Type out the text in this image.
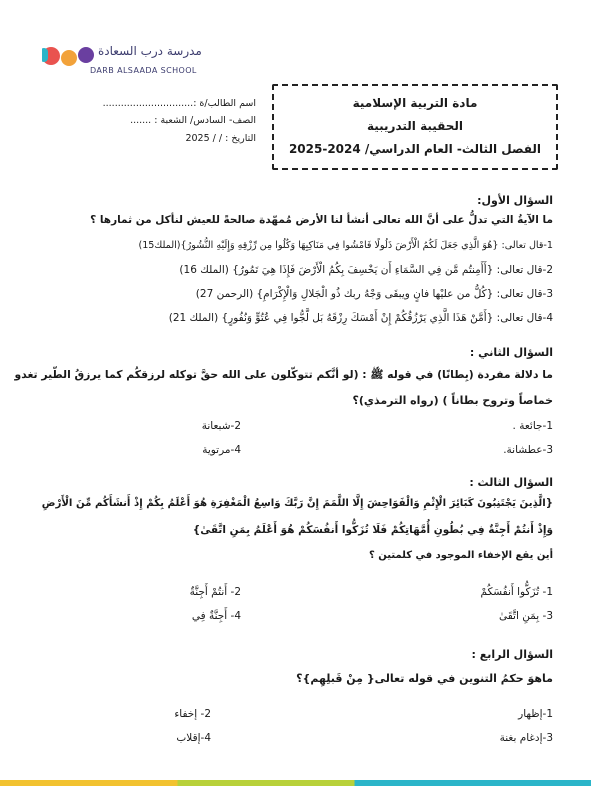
مدرسة درب السعادة
DARB ALSAADA SCHOOL
مادة التربية الإسلامية
الحقيبة التدريبية
الفصل الثالث- العام الدراسي/ 2024-2025
اسم الطالب/ة :..............................
الصف- السادس/ الشعبة : .......
التاريخ : / / 2025
السؤال الأول:
ما الآيةُ التي تدلُّ على أنَّ الله تعالى أنشأ لنا الأرض مُمهّدة صالحةً للعيش لنأكل من ثمارها ؟
1-قال تعالى: {هُوَ الَّذِي جَعَلَ لَكُمُ الْأَرْضَ ذَلُولًا فَامْشُوا فِي مَنَاكِبِهَا وَكُلُوا مِن رِّزْقِهِ وَإِلَيْهِ النُّشُورُ}(الملك15)
2-قال تعالى: {أَأَمِنتُم مَّن فِي السَّمَاءِ أَن يَخْسِفَ بِكُمُ الْأَرْضَ فَإِذَا هِيَ تَمُورُ} (الملك 16)
3-قال تعالى: {كُلُّ من عليْها فانٍ ويبقَى وَجْهُ ربك ذُو الْجَلالِ وَالْإِكْرَامِ} (الرحمن 27)
4-قال تعالى: {أَمَّنْ هَذَا الَّذِي يَرْزُقُكُمْ إِنْ أَمْسَكَ رِزْقَهُ بَل لَّجُّوا فِي عُتُوٍّ وَنُفُورٍ} (الملك 21)
السؤال الثاني :
ما دلالة مفردة (بِطانًا) في قوله ﷺ : (لو أنَّكم تتوكّلون على الله حقَّ توكله لرزقكُم كما يرزقُ الطّير تغدو
خماصاً وتروح بطاناً ) (رواه الترمذي)؟
1-جائعة .
2-شبعانة
3-عطشانة.
4-مرتوية
السؤال الثالث :
{الَّذِينَ يَجْتَنِبُونَ كَبَائِرَ الْإِثْمِ وَالْفَوَاحِشَ إِلَّا اللَّمَمَ إِنَّ رَبَّكَ وَاسِعُ الْمَغْفِرَةِ هُوَ أَعْلَمُ بِكُمْ إِذْ أَنشَأَكُم مِّنَ الْأَرْضِ
وَإِذْ أَنتُمْ أَجِنَّةٌ فِي بُطُونِ أُمَّهَاتِكُمْ فَلَا تُزَكُّوا أَنفُسَكُمْ هُوَ أَعْلَمُ بِمَنِ اتَّقَىٰ}
أين يقع الإخفاء الموجود في كلمتين ؟
1- تُزَكُّوا أَنفُسَكُمْ
2- أَنتُمْ أَجِنَّةٌ
3- بِمَنِ اتَّقَىٰ
4- أَجِنَّةٌ فِي
السؤال الرابع :
ماهوَ حكمُ التنوين في قوله تعالى{ مِنْ قَبلِهِم}؟
1-إظهار
2- إخفاء
3-إدغام بغنة
4-إقلاب
